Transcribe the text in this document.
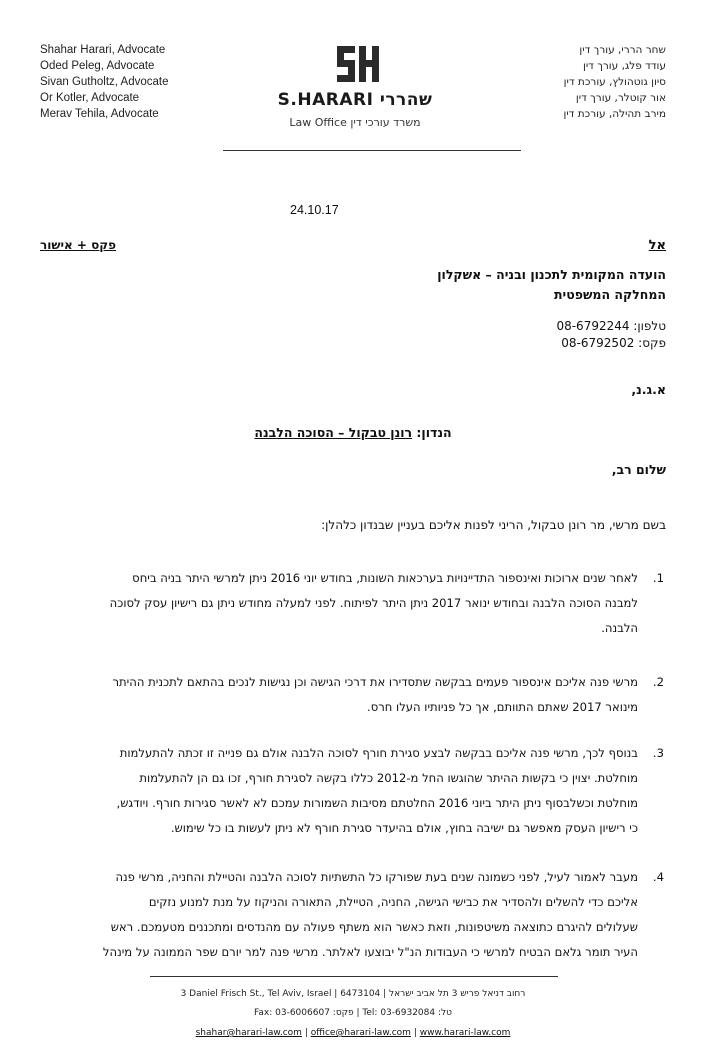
Shahar Harari, Advocate
Oded Peleg, Advocate
Sivan Gutholtz, Advocate
Or Kotler, Advocate
Merav Tehila, Advocate
שחר הררי, עורך דין
עודד פלג, עורך דין
סיון גוטהולץ, עורכת דין
אור קוטלר, עורך דין
מירב תהילה, עורכת דין
S.HARARI שהררי
Law Office משרד עורכי דין
24.10.17
אל
פקס + אישור
הועדה המקומית לתכנון ובניה – אשקלון
המחלקה המשפטית
טלפון: 08-6792244
פקס: 08-6792502
א.ג.נ,
הנדון: רונן טבקול – הסוכה הלבנה
שלום רב,
בשם מרשי, מר רונן טבקול, הריני לפנות אליכם בעניין שבנדון כלהלן:
1.
לאחר שנים ארוכות ואינספור התדיינויות בערכאות השונות, בחודש יוני 2016 ניתן למרשי היתר בניה ביחס
למבנה הסוכה הלבנה ובחודש ינואר 2017 ניתן היתר לפיתוח. לפני למעלה מחודש ניתן גם רישיון עסק לסוכה
הלבנה.
2.
מרשי פנה אליכם אינספור פעמים בבקשה שתסדירו את דרכי הגישה וכן נגישות לנכים בהתאם לתכנית ההיתר
מינואר 2017 שאתם התוותם, אך כל פניותיו העלו חרס.
3.
בנוסף לכך, מרשי פנה אליכם בבקשה לבצע סגירת חורף לסוכה הלבנה אולם גם פנייה זו זכתה להתעלמות
מוחלטת. יצוין כי בקשות ההיתר שהוגשו החל מ-2012 כללו בקשה לסגירת חורף, זכו גם הן להתעלמות
מוחלטת וכשלבסוף ניתן היתר ביוני 2016 החלטתם מסיבות השמורות עמכם לא לאשר סגירות חורף. ויודגש,
כי רישיון העסק מאפשר גם ישיבה בחוץ, אולם בהיעדר סגירת חורף לא ניתן לעשות בו כל שימוש.
4.
מעבר לאמור לעיל, לפני כשמונה שנים בעת שפורקו כל התשתיות לסוכה הלבנה והטיילת והחניה, מרשי פנה
אליכם כדי להשלים ולהסדיר את כבישי הגישה, החניה, הטיילת, התאורה והניקוז על מנת למנוע נזקים
שעלולים להיגרם כתוצאה משיטפונות, וזאת כאשר הוא משתף פעולה עם מהנדסים ומתכננים מטעמכם. ראש
העיר תומר גלאם הבטיח למרשי כי העבודות הנ"ל יבוצעו לאלתר. מרשי פנה למר יורם שפר הממונה על מינהל
3 Daniel Frisch St., Tel Aviv, Israel | 6473104 | רחוב דניאל פריש 3 תל אביב ישראל
Fax: 03-6006607 :פקס | Tel: 03-6932084 :טל
shahar@harari-law.com | office@harari-law.com | www.harari-law.com
